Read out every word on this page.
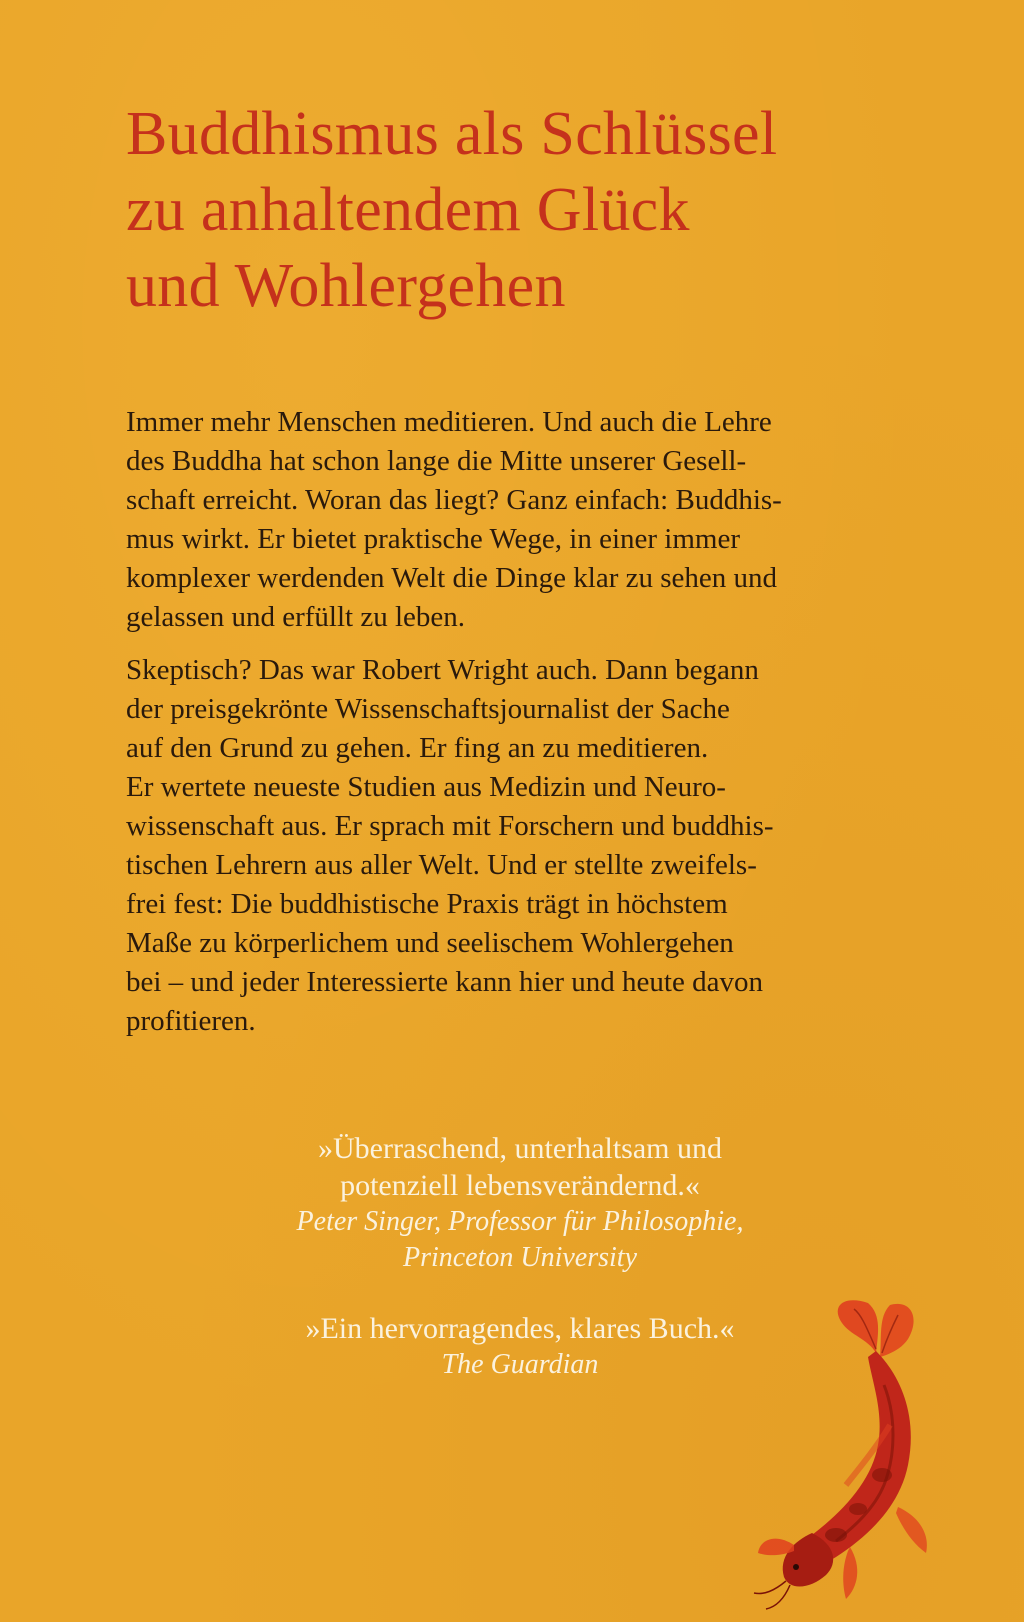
Buddhismus als Schlüssel
zu anhaltendem Glück
und Wohlergehen

Immer mehr Menschen meditieren. Und auch die Lehre
des Buddha hat schon lange die Mitte unserer Gesell-
schaft erreicht. Woran das liegt? Ganz einfach: Buddhis-
mus wirkt. Er bietet praktische Wege, in einer immer
komplexer werdenden Welt die Dinge klar zu sehen und
gelassen und erfüllt zu leben.

Skeptisch? Das war Robert Wright auch. Dann begann
der preisgekrönte Wissenschaftsjournalist der Sache
auf den Grund zu gehen. Er fing an zu meditieren.
Er wertete neueste Studien aus Medizin und Neuro-
wissenschaft aus. Er sprach mit Forschern und buddhis-
tischen Lehrern aus aller Welt. Und er stellte zweifels-
frei fest: Die buddhistische Praxis trägt in höchstem
Maße zu körperlichem und seelischem Wohlergehen
bei – und jeder Interessierte kann hier und heute davon
profitieren.

»Überraschend, unterhaltsam und
potenziell lebensverändernd.«
Peter Singer, Professor für Philosophie,
Princeton University
»Ein hervorragendes, klares Buch.«
The Guardian
